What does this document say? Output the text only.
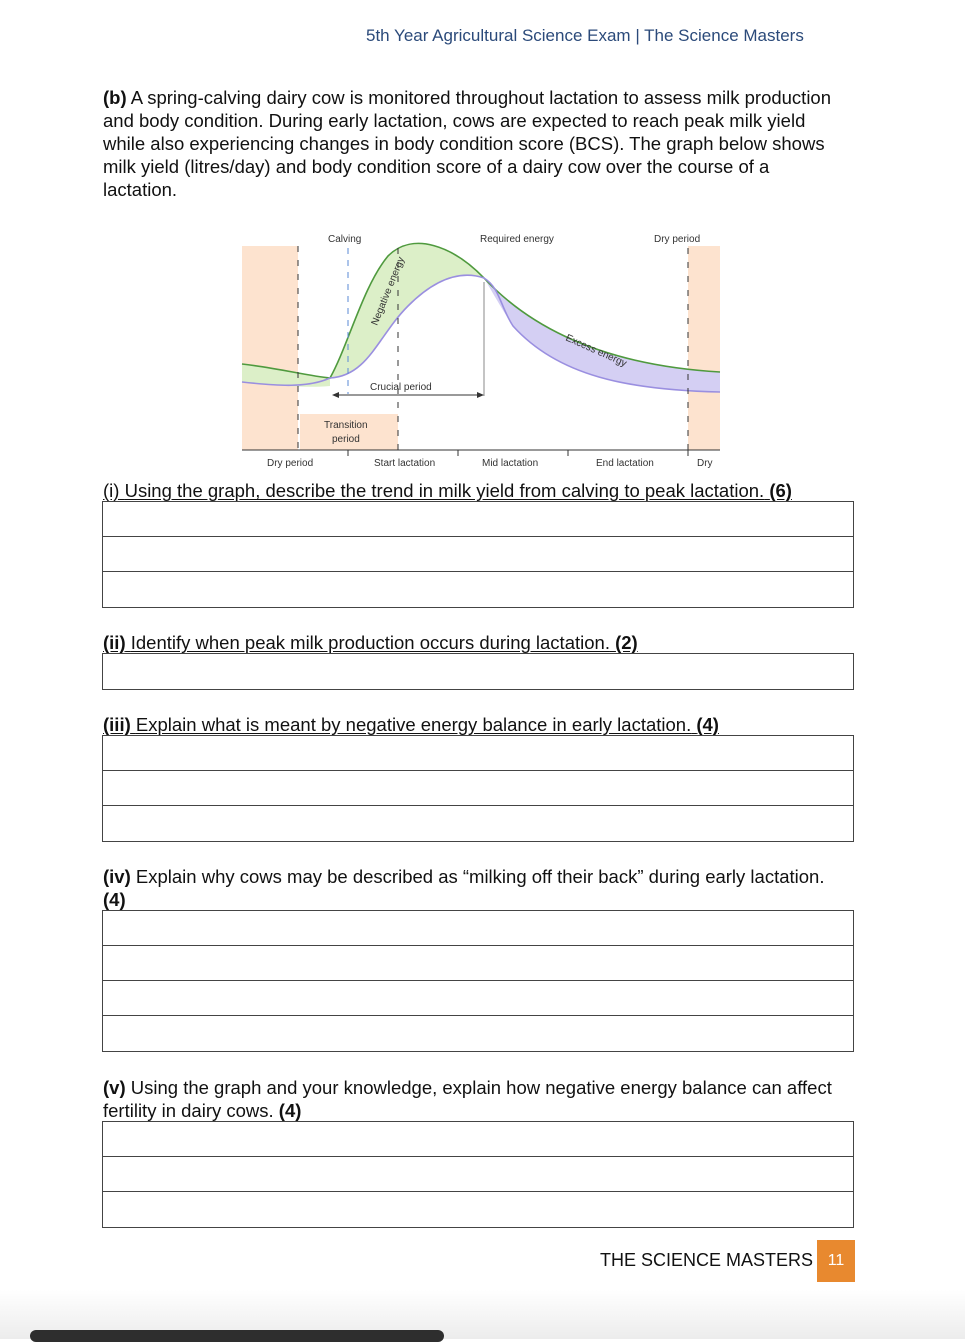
5th Year Agricultural Science Exam | The Science Masters
(b) A spring-calving dairy cow is monitored throughout lactation to assess milk production and body condition. During early lactation, cows are expected to reach peak milk yield while also experiencing changes in body condition score (BCS). The graph below shows milk yield (litres/day) and body condition score of a dairy cow over the course of a lactation.
Calving	Required energy	Dry period
Negative energy
Excess energy
Crucial period
Transition
period
Dry period	Start lactation	Mid lactation	End lactation	Dry
(i) Using the graph, describe the trend in milk yield from calving to peak lactation. (6)
(ii) Identify when peak milk production occurs during lactation. (2)
(iii) Explain what is meant by negative energy balance in early lactation. (4)
(iv) Explain why cows may be described as “milking off their back” during early lactation. (4)
(v) Using the graph and your knowledge, explain how negative energy balance can affect fertility in dairy cows. (4)
THE SCIENCE MASTERS 11
